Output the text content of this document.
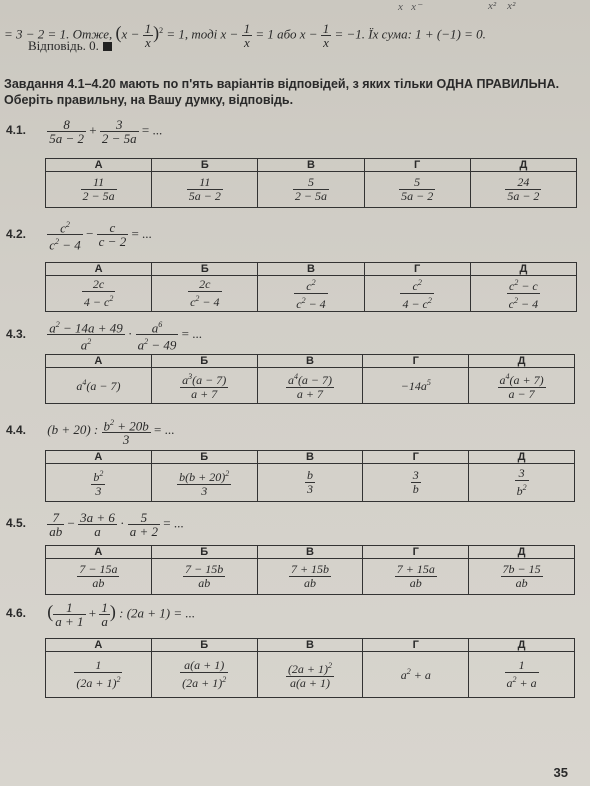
x   x⁻	x²    x²
= 3 − 2 = 1. Отже, $(x - \frac{1}{x} )^2 = 1$, тоді $x - \frac{1}{x} = 1$ або $x - \frac{1}{x} = -1$. Їх сума: 1 + (−1) = 0.
Відповідь. 0.
Завдання 4.1–4.20 мають по п'ять варіантів відповідей, з яких тільки ОДНА ПРАВИЛЬНА. Оберіть правильну, на Вашу думку, відповідь.
4.1. $\frac{8}{5a - 2} + \frac{3}{2 - 5a}$ = ...
А	Б	В	Г	Д

$\frac{11}{2 - 5a}$	$\frac{11}{5a - 2}$	$\frac{5}{2 - 5a}$	$\frac{5}{5a - 2}$	$\frac{24}{5a - 2}$
4.2. $\frac{c^2}{c^2 - 4} - \frac{c}{c - 2}$ = ...
А	Б	В	Г	Д

$\frac{2c}{4 - c^2}$	$\frac{2c}{c^2 - 4}$	$\frac{c^2}{c^2 - 4}$	$\frac{c^2}{4 - c^2}$	$\frac{c^2 - c}{c^2 - 4}$
4.3. $\frac{a^2 - 14a + 49}{a^2} \cdot \frac{a^6}{a^2 - 49}$ = ...
А	Б	В	Г	Д
$a^4(a - 7)$	$\frac{a^3(a - 7)}{a + 7}$	$\frac{a^4(a - 7)}{a + 7}$	$-14a^5$	$\frac{a^4(a + 7)}{a - 7}$
4.4. (b + 20) : $\frac{b^2 + 20b}{3}$ = ...
А	Б	В	Г	Д

$\frac{b^2}{3}$	$\frac{b(b + 20)^2}{3}$	$\frac{b}{3}$	$\frac{3}{b}$	$\frac{3}{b^2}$
4.5. $\frac{7}{ab} - \frac{3a + 6}{a} \cdot \frac{5}{a + 2}$ = ...
А	Б	В	Г	Д

$\frac{7 - 15a}{ab}$	$\frac{7 - 15b}{ab}$	$\frac{7 + 15b}{ab}$	$\frac{7 + 15a}{ab}$	$\frac{7b - 15}{ab}$
4.6. ( $\frac{1}{a + 1} + \frac{1}{a}$ ) : (2a + 1) = ...
А	Б	В	Г	Д

$\frac{1}{(2a + 1)^2}$	$\frac{a(a + 1)}{(2a + 1)^2}$	$\frac{(2a + 1)^2}{a(a + 1)}$	$a^2 + a$	$\frac{1}{a^2 + a}$
35
